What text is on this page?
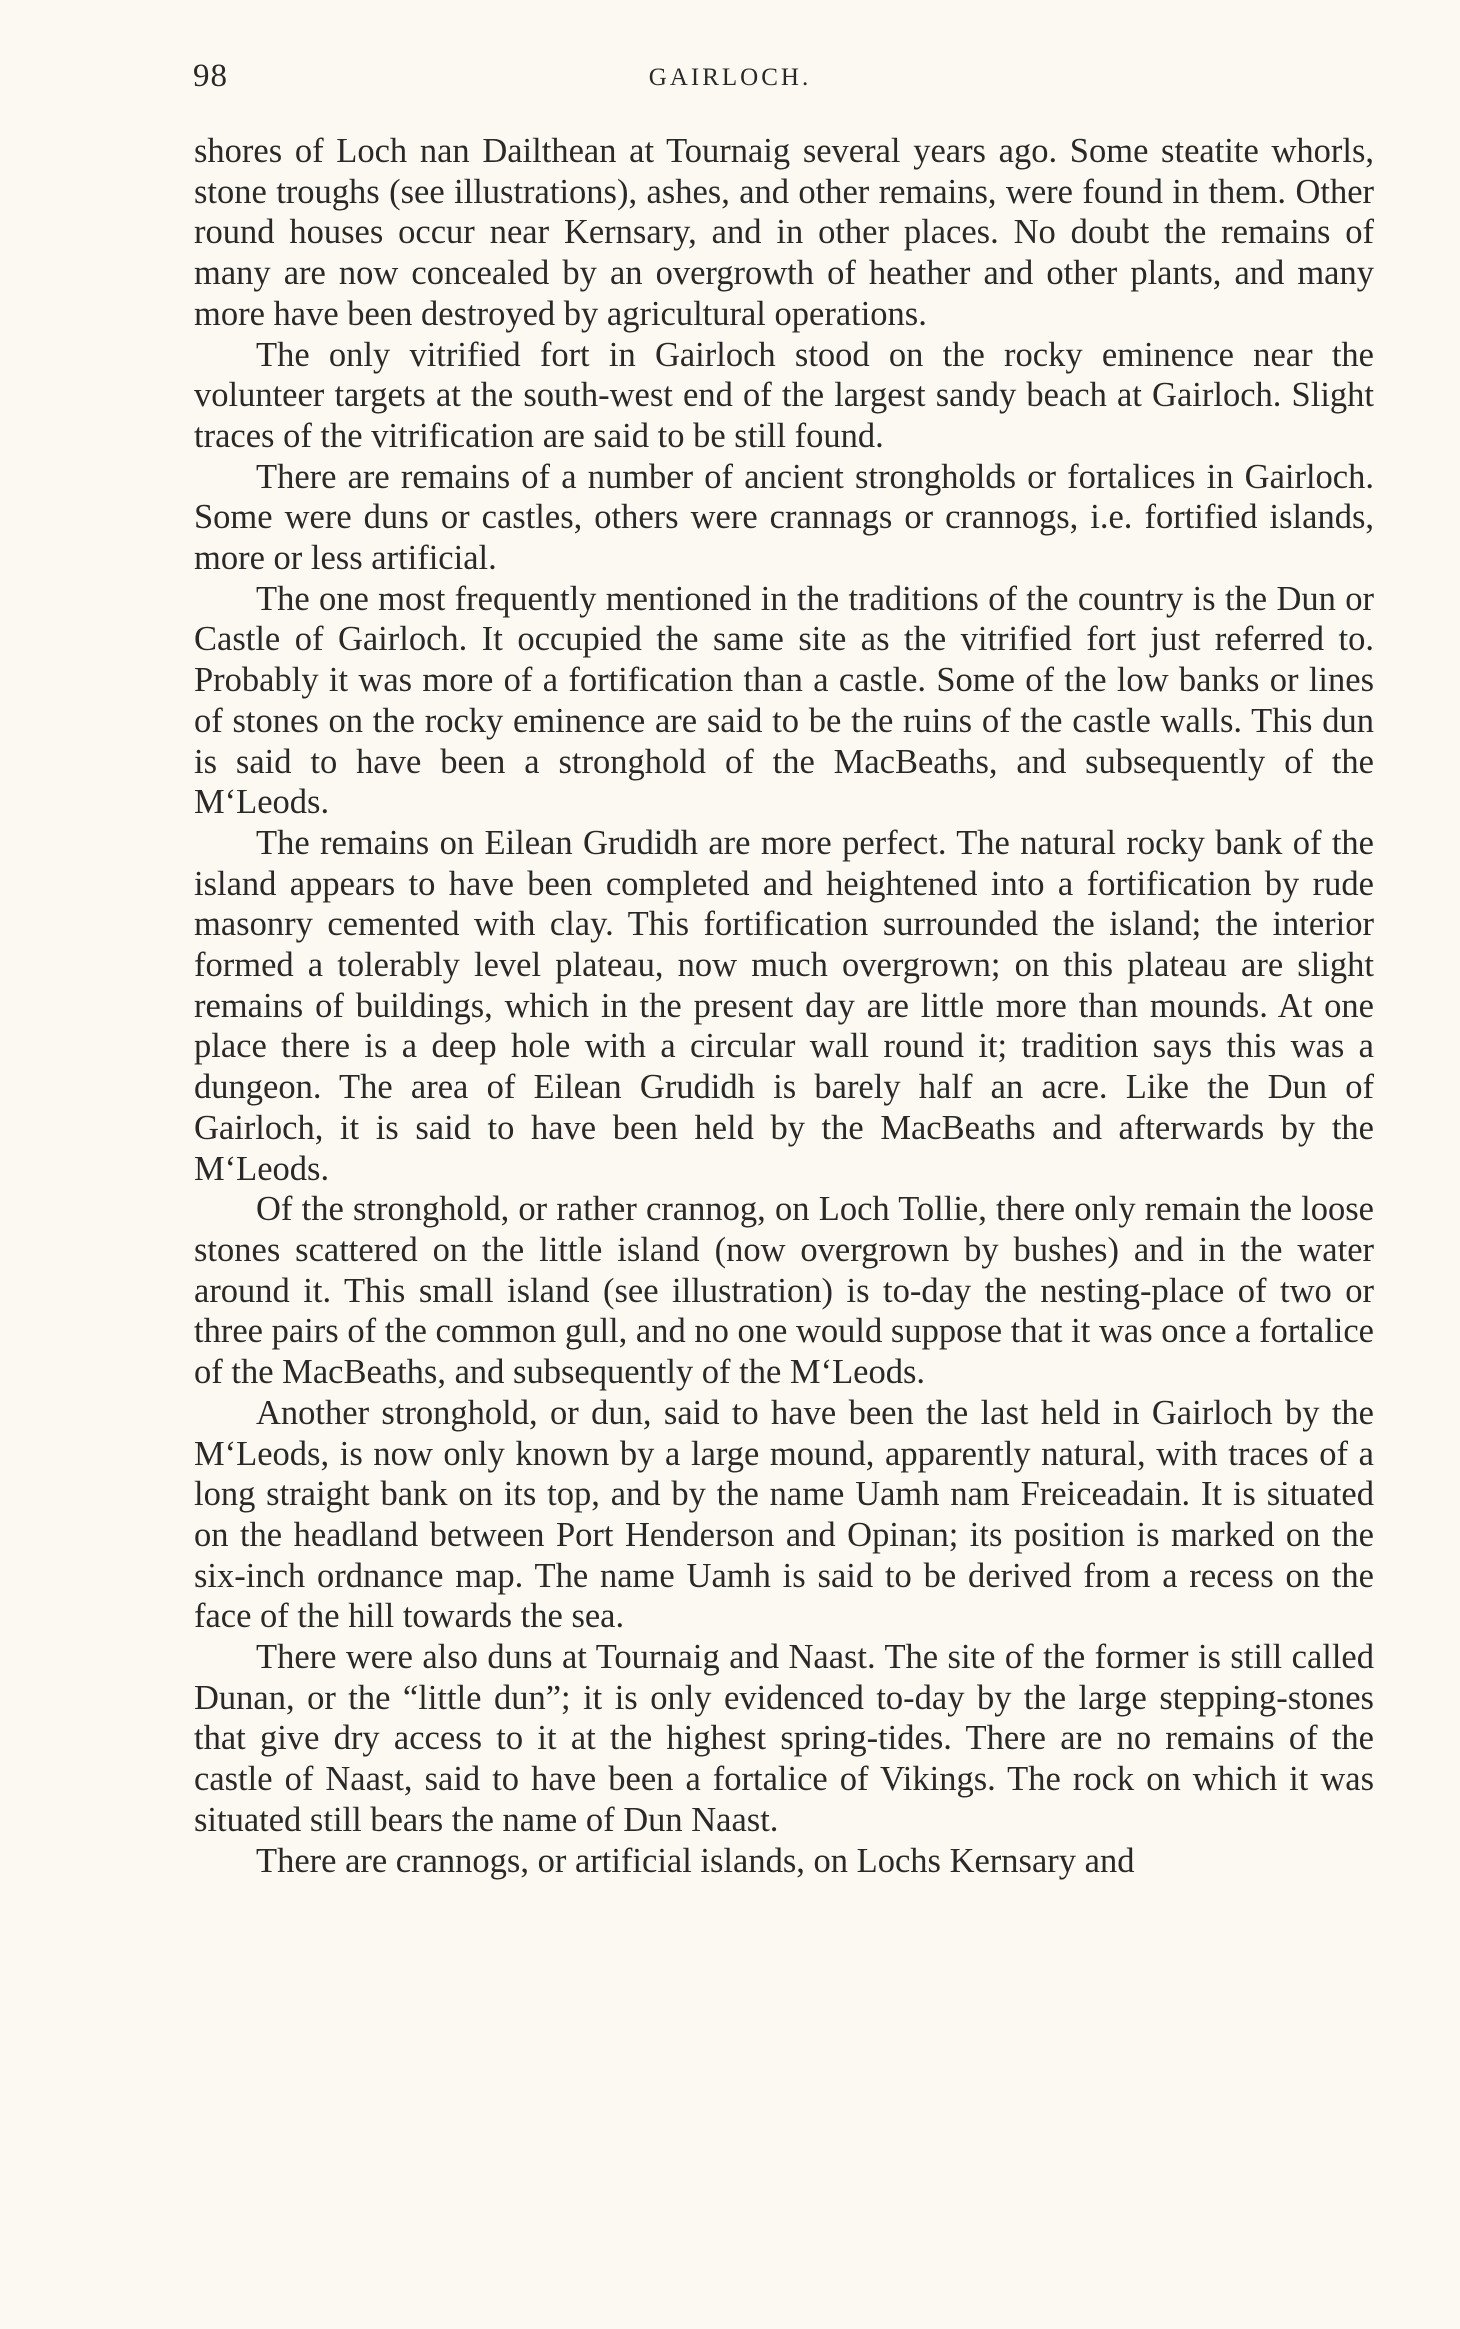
98	GAIRLOCH.

shores of Loch nan Dailthean at Tournaig several years ago. Some steatite whorls, stone troughs (see illustrations), ashes, and other remains, were found in them. Other round houses occur near Kernsary, and in other places. No doubt the remains of many are now concealed by an overgrowth of heather and other plants, and many more have been destroyed by agricultural operations.

The only vitrified fort in Gairloch stood on the rocky eminence near the volunteer targets at the south-west end of the largest sandy beach at Gairloch. Slight traces of the vitrification are said to be still found.

There are remains of a number of ancient strongholds or fortalices in Gairloch. Some were duns or castles, others were crannags or crannogs, i.e. fortified islands, more or less artificial.

The one most frequently mentioned in the traditions of the country is the Dun or Castle of Gairloch. It occupied the same site as the vitrified fort just referred to. Probably it was more of a fortification than a castle. Some of the low banks or lines of stones on the rocky eminence are said to be the ruins of the castle walls. This dun is said to have been a stronghold of the MacBeaths, and subsequently of the M‘Leods.

The remains on Eilean Grudidh are more perfect. The natural rocky bank of the island appears to have been completed and heightened into a fortification by rude masonry cemented with clay. This fortification surrounded the island; the interior formed a tolerably level plateau, now much overgrown; on this plateau are slight remains of buildings, which in the present day are little more than mounds. At one place there is a deep hole with a circular wall round it; tradition says this was a dungeon. The area of Eilean Grudidh is barely half an acre. Like the Dun of Gairloch, it is said to have been held by the MacBeaths and afterwards by the M‘Leods.

Of the stronghold, or rather crannog, on Loch Tollie, there only remain the loose stones scattered on the little island (now overgrown by bushes) and in the water around it. This small island (see illustration) is to-day the nesting-place of two or three pairs of the common gull, and no one would suppose that it was once a fortalice of the MacBeaths, and subsequently of the M‘Leods.

Another stronghold, or dun, said to have been the last held in Gairloch by the M‘Leods, is now only known by a large mound, apparently natural, with traces of a long straight bank on its top, and by the name Uamh nam Freiceadain. It is situated on the headland between Port Henderson and Opinan; its position is marked on the six-inch ordnance map. The name Uamh is said to be derived from a recess on the face of the hill towards the sea.

There were also duns at Tournaig and Naast. The site of the former is still called Dunan, or the “little dun”; it is only evidenced to-day by the large stepping-stones that give dry access to it at the highest spring-tides. There are no remains of the castle of Naast, said to have been a fortalice of Vikings. The rock on which it was situated still bears the name of Dun Naast.

There are crannogs, or artificial islands, on Lochs Kernsary and
